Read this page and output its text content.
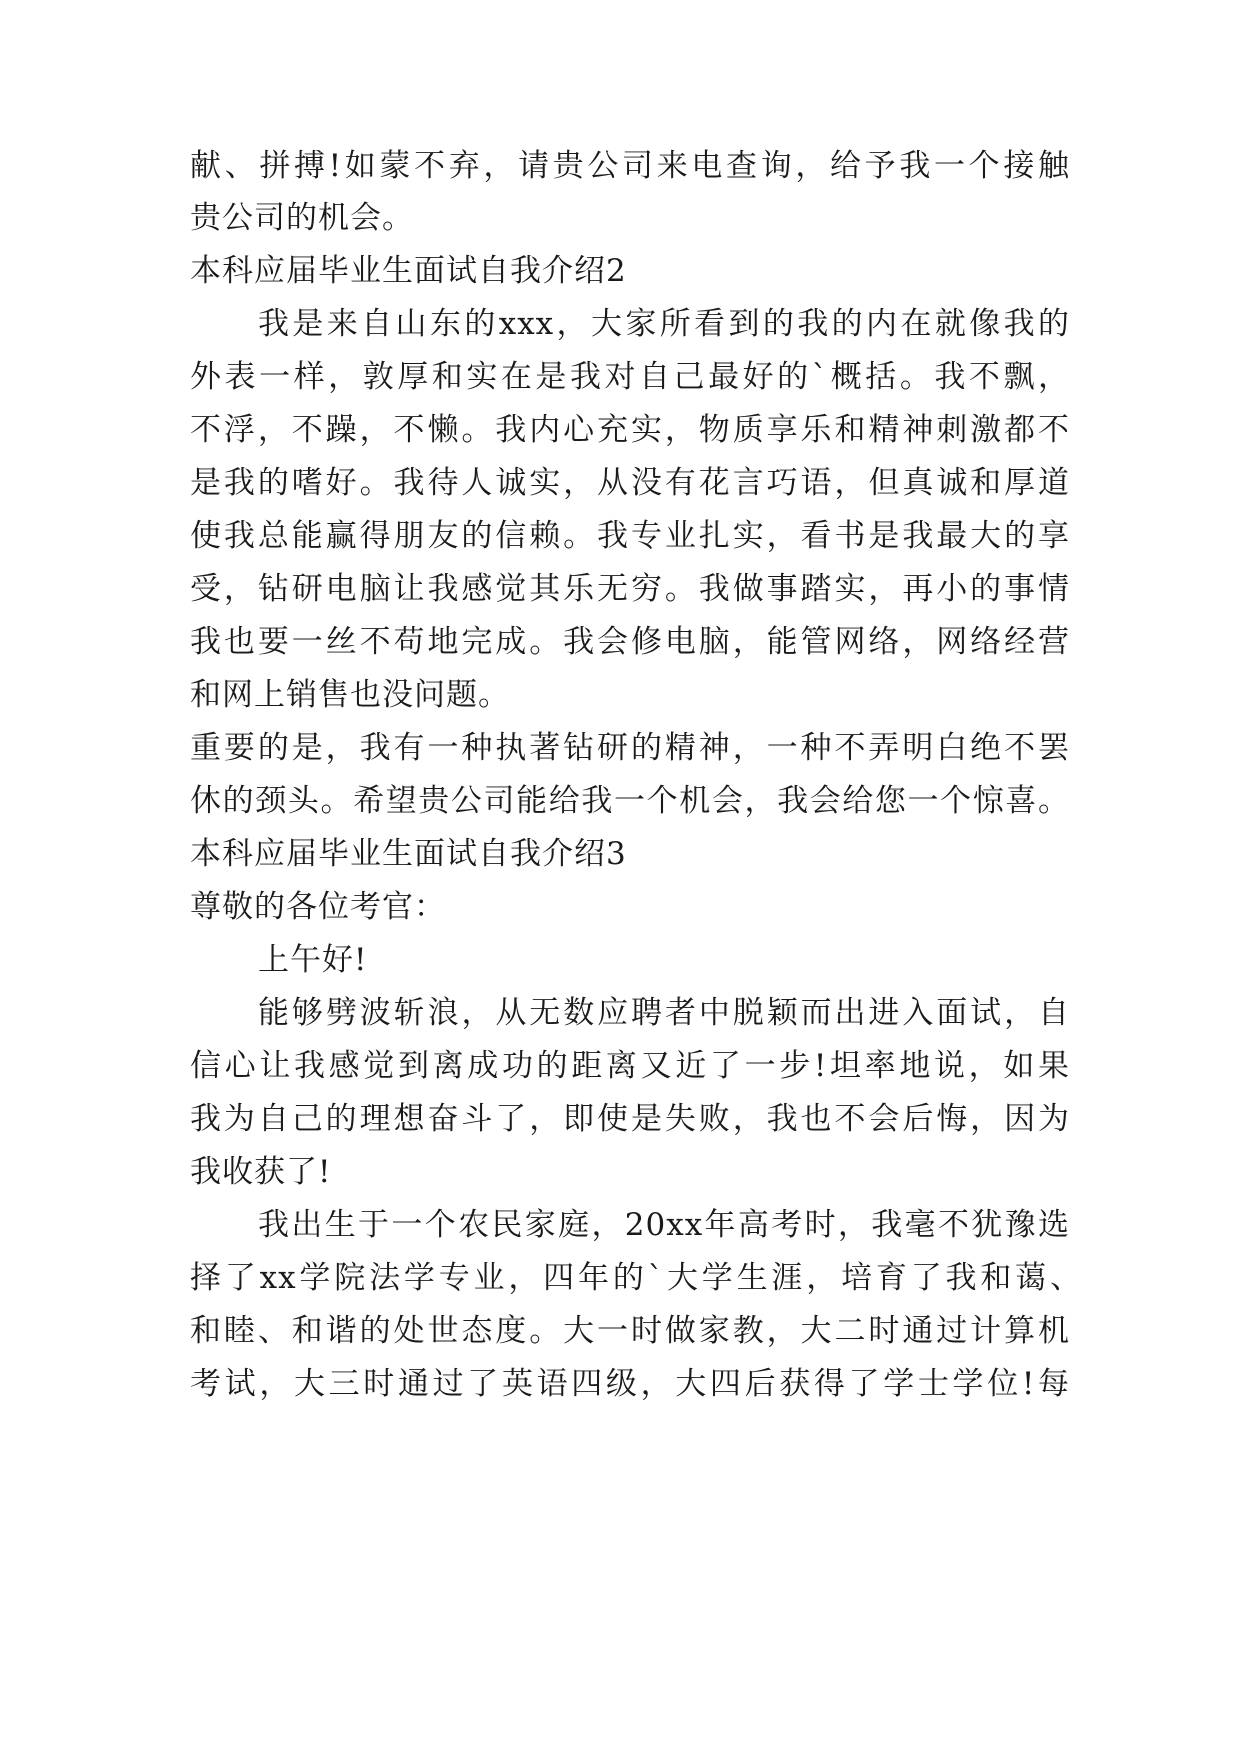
献、拼搏!如蒙不弃，请贵公司来电查询，给予我一个接触
贵公司的机会。
本科应届毕业生面试自我介绍2
我是来自山东的xxx，大家所看到的我的内在就像我的
外表一样，敦厚和实在是我对自己最好的`概括。我不飘，
不浮，不躁，不懒。我内心充实，物质享乐和精神刺激都不
是我的嗜好。我待人诚实，从没有花言巧语，但真诚和厚道
使我总能赢得朋友的信赖。我专业扎实，看书是我最大的享
受，钻研电脑让我感觉其乐无穷。我做事踏实，再小的事情
我也要一丝不苟地完成。我会修电脑，能管网络，网络经营
和网上销售也没问题。
重要的是，我有一种执著钻研的精神，一种不弄明白绝不罢
休的颈头。希望贵公司能给我一个机会，我会给您一个惊喜。
本科应届毕业生面试自我介绍3
尊敬的各位考官：
上午好!
能够劈波斩浪，从无数应聘者中脱颖而出进入面试，自
信心让我感觉到离成功的距离又近了一步!坦率地说，如果
我为自己的理想奋斗了，即使是失败，我也不会后悔，因为
我收获了!
我出生于一个农民家庭，20xx年高考时，我毫不犹豫选
择了xx学院法学专业，四年的`大学生涯，培育了我和蔼、
和睦、和谐的处世态度。大一时做家教，大二时通过计算机
考试，大三时通过了英语四级，大四后获得了学士学位!每
